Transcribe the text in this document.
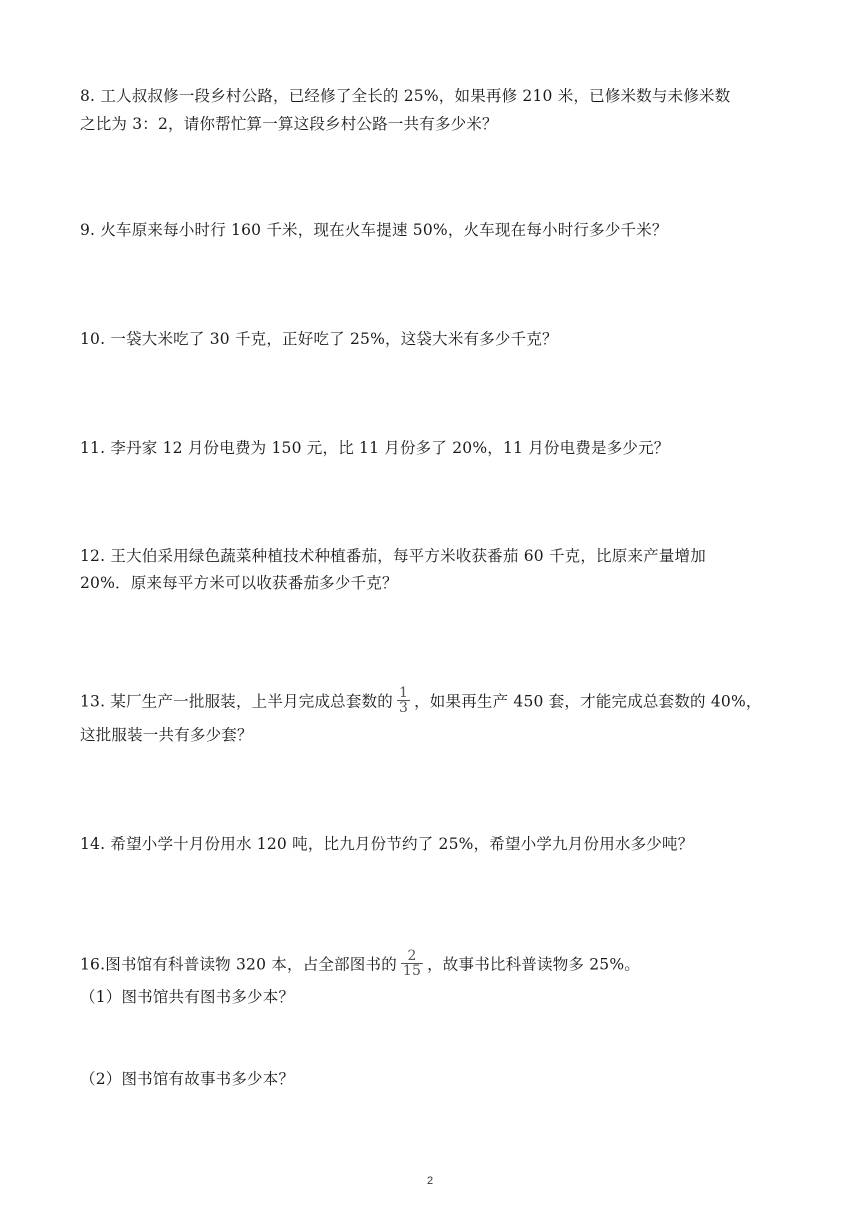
8. 工人叔叔修一段乡村公路，已经修了全长的 25%，如果再修 210 米，已修米数与未修米数
之比为 3：2，请你帮忙算一算这段乡村公路一共有多少米？
9. 火车原来每小时行 160 千米，现在火车提速 50%，火车现在每小时行多少千米？
10. 一袋大米吃了 30 千克，正好吃了 25%，这袋大米有多少千克？
11. 李丹家 12 月份电费为 150 元，比 11 月份多了 20%，11 月份电费是多少元？
12. 王大伯采用绿色蔬菜种植技术种植番茄，每平方米收获番茄 60 千克，比原来产量增加
20%．原来每平方米可以收获番茄多少千克？
13. 某厂生产一批服装，上半月完成总套数的 $\frac{1}{3}$ ，如果再生产 450 套，才能完成总套数的 40%，
这批服装一共有多少套？
14. 希望小学十月份用水 120 吨，比九月份节约了 25%，希望小学九月份用水多少吨？
16.图书馆有科普读物 320 本，占全部图书的 $\frac{2}{15}$ ，故事书比科普读物多 25%。
（1）图书馆共有图书多少本？
（2）图书馆有故事书多少本？
2
